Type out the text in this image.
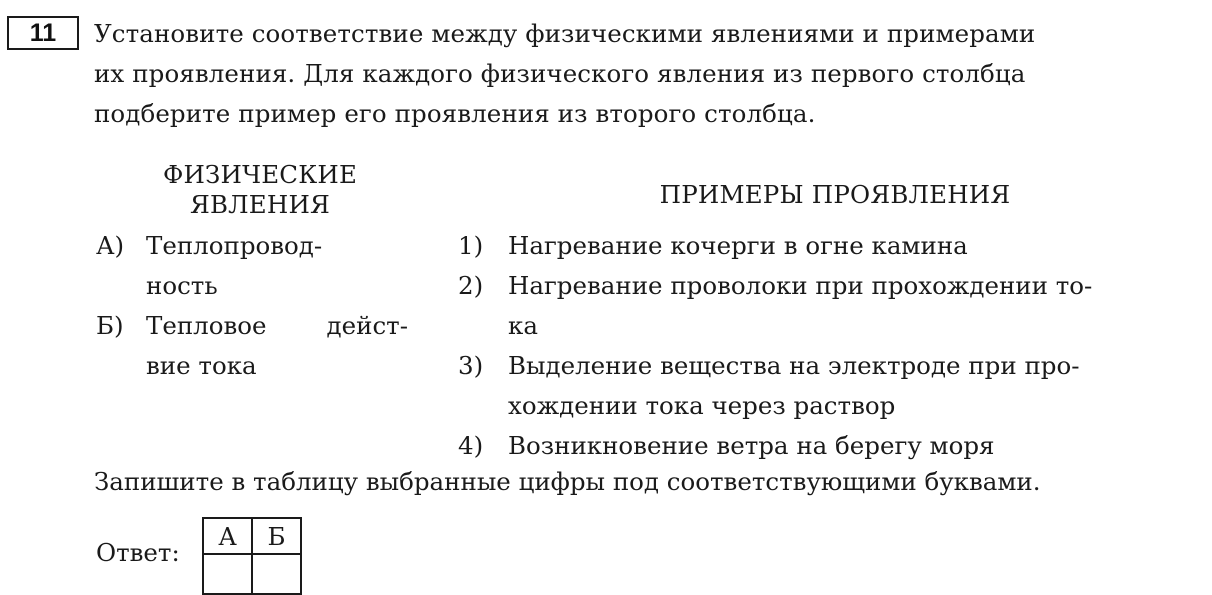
11	Установите соответствие между физическими явлениями и примерами
их проявления. Для каждого физического явления из первого столбца
подберите пример его проявления из второго столбца.
ФИЗИЧЕСКИЕ
ЯВЛЕНИЯ	ПРИМЕРЫ ПРОЯВЛЕНИЯ
А) Теплопровод-
ность
Б) Тепловое дейст-
вие тока
1) Нагревание кочерги в огне камина
2) Нагревание проволоки при прохождении то-
ка
3) Выделение вещества на электроде при про-
хождении тока через раствор
4) Возникновение ветра на берегу моря
Запишите в таблицу выбранные цифры под соответствующими буквами.
Ответ:
А	Б
